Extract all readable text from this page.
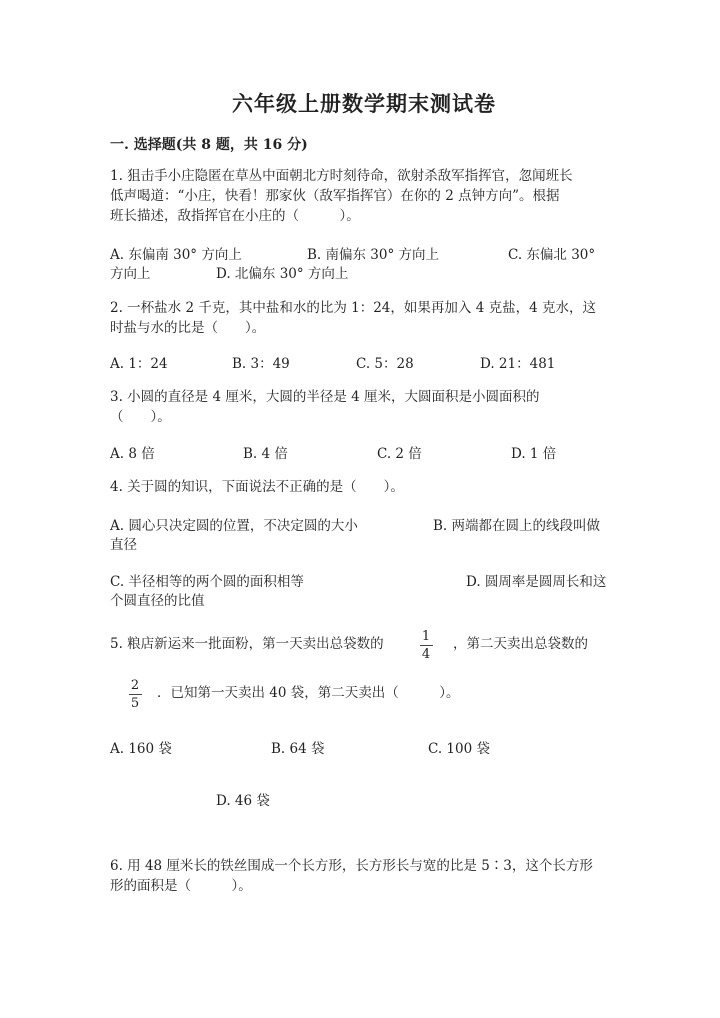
六年级上册数学期末测试卷
一. 选择题(共 8 题，共 16 分)
1. 狙击手小庄隐匿在草丛中面朝北方时刻待命，欲射杀敌军指挥官，忽闻班长
低声喝道：“小庄，快看！那家伙（敌军指挥官）在你的 2 点钟方向”。根据
班长描述，敌指挥官在小庄的（　　　）。
A. 东偏南 30° 方向上	B. 南偏东 30° 方向上	C. 东偏北 30°
方向上	D. 北偏东 30° 方向上
2. 一杯盐水 2 千克，其中盐和水的比为 1：24，如果再加入 4 克盐，4 克水，这
时盐与水的比是（　　）。
A. 1：24	B. 3：49	C. 5：28	D. 21：481
3. 小圆的直径是 4 厘米，大圆的半径是 4 厘米，大圆面积是小圆面积的
（　　）。
A. 8 倍	B. 4 倍	C. 2 倍	D. 1 倍
4. 关于圆的知识，下面说法不正确的是（　　）。
A. 圆心只决定圆的位置，不决定圆的大小	B. 两端都在圆上的线段叫做
直径
C. 半径相等的两个圆的面积相等	D. 圆周率是圆周长和这
个圆直径的比值
5. 粮店新运来一批面粉，第一天卖出总袋数的	1
4
，第二天卖出总袋数的
2
5
．已知第一天卖出 40 袋，第二天卖出（　　　）。
A. 160 袋	B. 64 袋	C. 100 袋
D. 46 袋
6. 用 48 厘米长的铁丝围成一个长方形，长方形长与宽的比是 5∶3，这个长方形
形的面积是（　　　）。
